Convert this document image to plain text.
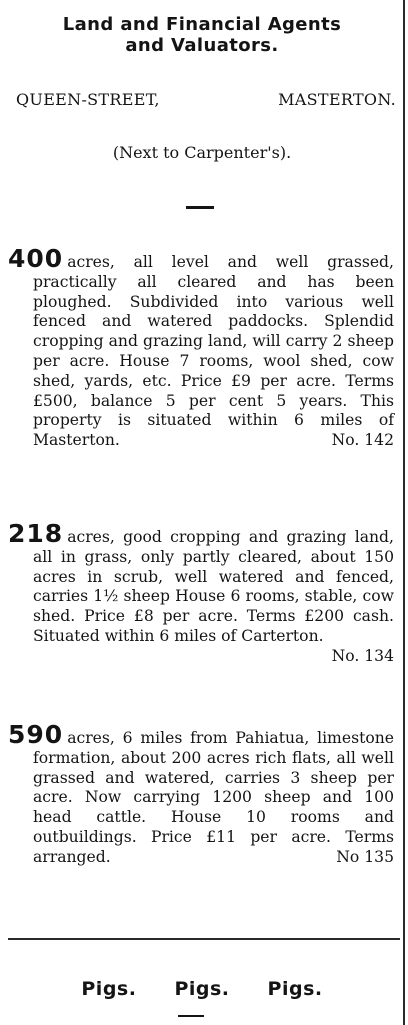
Land and Financial Agents
and Valuators.
QUEEN-STREET,	MASTERTON.
(Next to Carpenter's).
400 acres, all level and well grassed, practically all cleared and has been ploughed. Subdivided into various well fenced and watered paddocks. Splendid cropping and grazing land, will carry 2 sheep per acre. House 7 rooms, wool shed, cow shed, yards, etc. Price £9 per acre. Terms £500, balance 5 per cent 5 years. This property is situated within 6 miles of Masterton.	No. 142
218 acres, good cropping and grazing land, all in grass, only partly cleared, about 150 acres in scrub, well watered and fenced, carries 1½ sheep House 6 rooms, stable, cow shed. Price £8 per acre. Terms £200 cash. Situated within 6 miles of Carterton.
No. 134
590 acres, 6 miles from Pahiatua, limestone formation, about 200 acres rich flats, all well grassed and watered, carries 3 sheep per acre. Now carrying 1200 sheep and 100 head cattle. House 10 rooms and outbuildings. Price £11 per acre. Terms arranged.	No 135
Pigs. Pigs. Pigs.
